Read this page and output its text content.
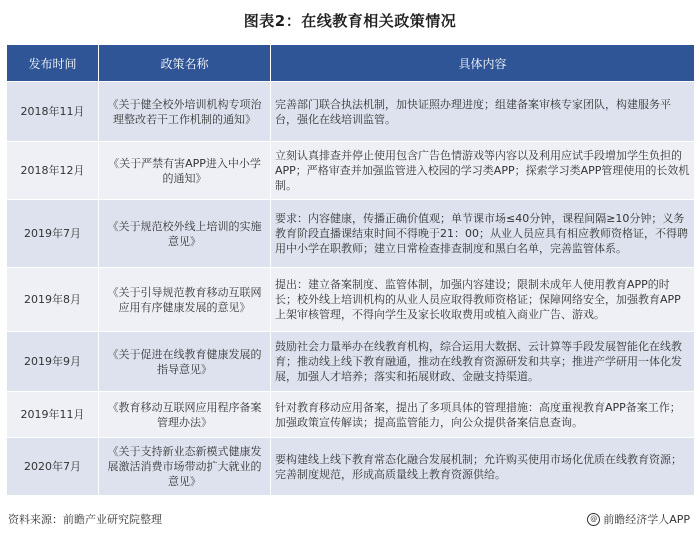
图表2：在线教育相关政策情况
发布时间	政策名称	具体内容
2018年11月	《关于健全校外培训机构专项治理整改若干工作机制的通知》	完善部门联合执法机制，加快证照办理进度；组建备案审核专家团队，构建服务平台，强化在线培训监管。
2018年12月	《关于严禁有害APP进入中小学的通知》	立刻认真排查并停止使用包含广告色情游戏等内容以及利用应试手段增加学生负担的APP；严格审查并加强监管进入校园的学习类APP；探索学习类APP管理使用的长效机制。
2019年7月	《关于规范校外线上培训的实施意见》	要求：内容健康，传播正确价值观；单节课市场≤40分钟，课程间隔≥10分钟；义务教育阶段直播课结束时间不得晚于21：00；从业人员应具有相应教师资格证，不得聘用中小学在职教师；建立日常检查排查制度和黑白名单，完善监管体系。
2019年8月	《关于引导规范教育移动互联网应用有序健康发展的意见》	提出：建立备案制度、监管体制，加强内容建设；限制未成年人使用教育APP的时长；校外线上培训机构的从业人员应取得教师资格证；保障网络安全，加强教育APP上架审核管理，不得向学生及家长收取费用或植入商业广告、游戏。
2019年9月	《关于促进在线教育健康发展的指导意见》	鼓励社会力量举办在线教育机构，综合运用大数据、云计算等手段发展智能化在线教育；推动线上线下教育融通，推动在线教育资源研发和共享；推进产学研用一体化发展，加强人才培养；落实和拓展财政、金融支持渠道。
2019年11月	《教育移动互联网应用程序备案管理办法》	针对教育移动应用备案，提出了多项具体的管理措施：高度重视教育APP备案工作；加强政策宣传解读；提高监管能力，向公众提供备案信息查询。
2020年7月	《关于支持新业态新模式健康发展激活消费市场带动扩大就业的意见》	要构建线上线下教育常态化融合发展机制；允许购买使用市场化优质在线教育资源；完善制度规范，形成高质量线上教育资源供给。
资料来源：前瞻产业研究院整理	@ 前瞻经济学人APP
